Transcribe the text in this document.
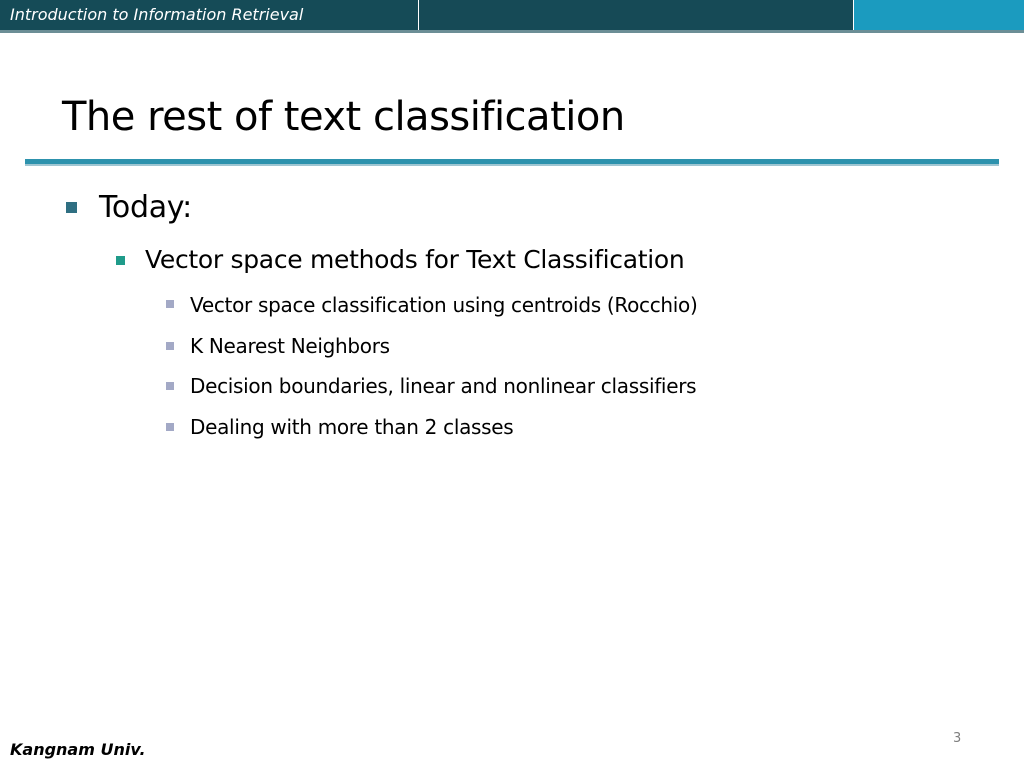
Introduction to Information Retrieval
The rest of text classification
Today:
Vector space methods for Text Classification
Vector space classification using centroids (Rocchio)
K Nearest Neighbors
Decision boundaries, linear and nonlinear classifiers
Dealing with more than 2 classes
Kangnam Univ.
3
